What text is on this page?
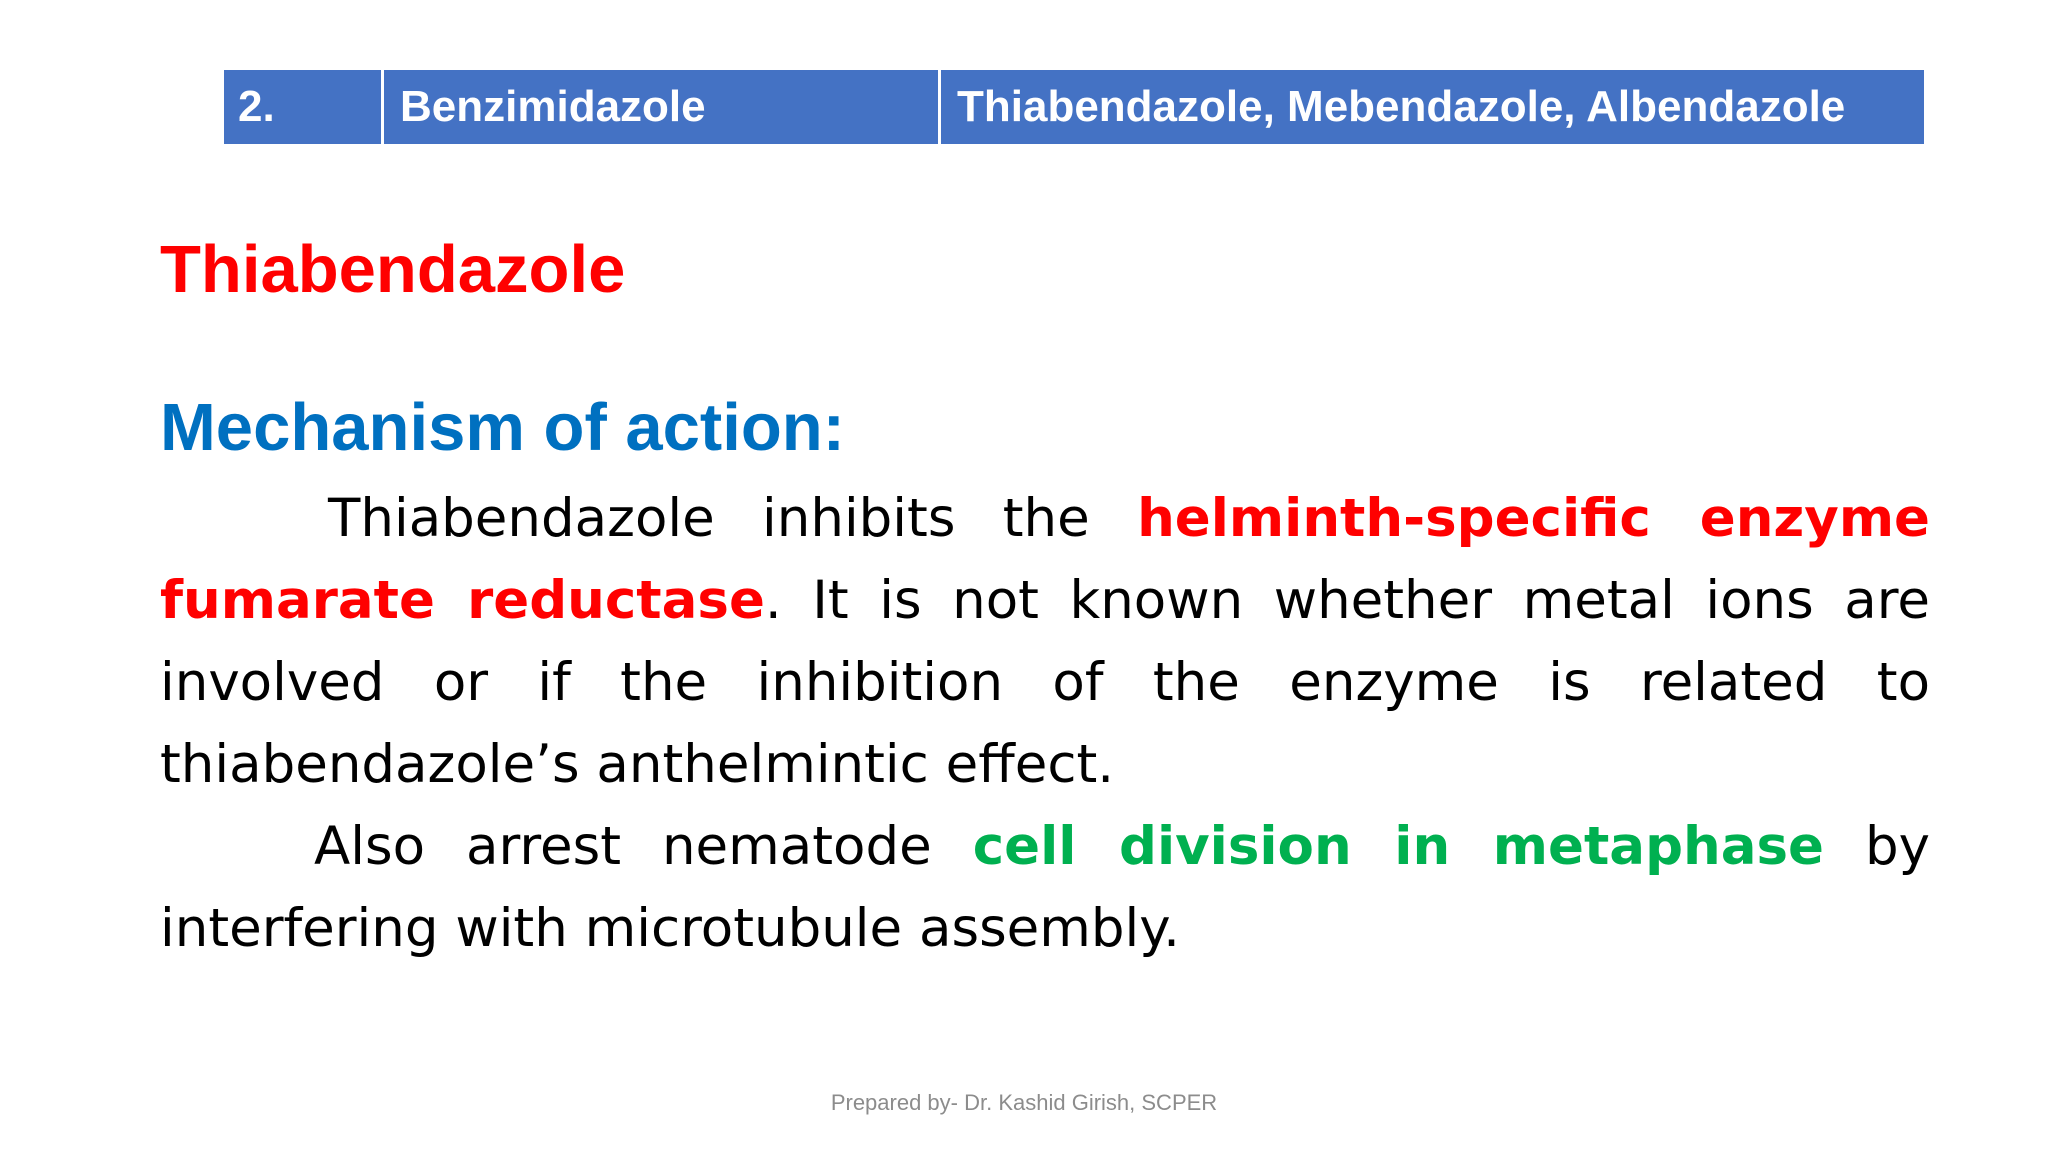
2.	Benzimidazole	Thiabendazole, Mebendazole, Albendazole
Thiabendazole
Mechanism of action:

Thiabendazole inhibits the helminth-specific enzyme fumarate reductase. It is not known whether metal ions are involved or if the inhibition of the enzyme is related to thiabendazole’s anthelmintic effect.

Also arrest nematode cell division in metaphase by interfering with microtubule assembly.

Prepared by- Dr. Kashid Girish, SCPER
